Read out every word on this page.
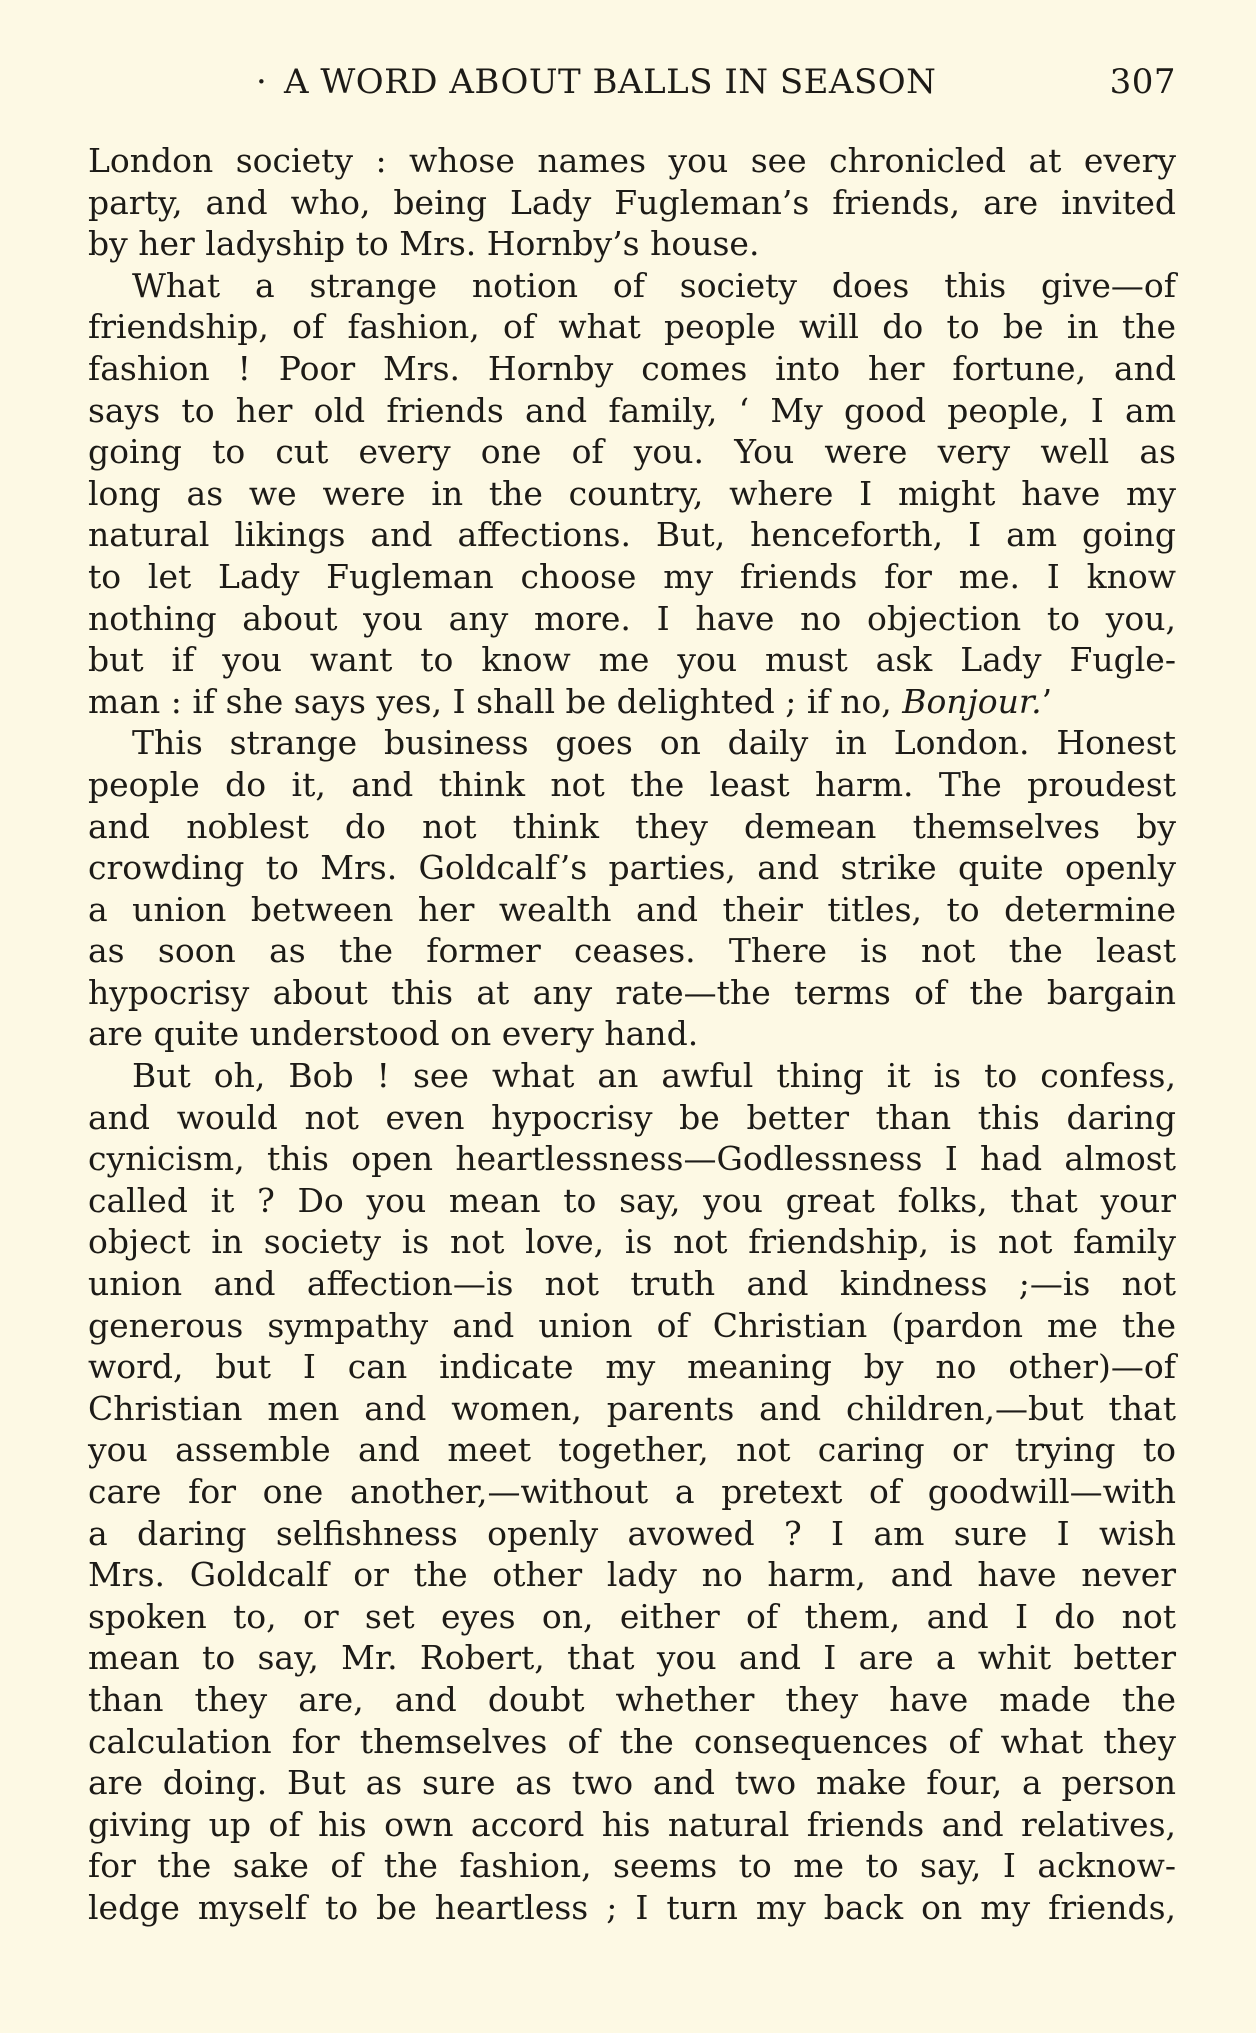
· A WORD ABOUT BALLS IN SEASON	307
London society : whose names you see chronicled at every
party, and who, being Lady Fugleman’s friends, are invited
by her ladyship to Mrs. Hornby’s house.
What a strange notion of society does this give—of
friendship, of fashion, of what people will do to be in the
fashion ! Poor Mrs. Hornby comes into her fortune, and
says to her old friends and family, ‘ My good people, I am
going to cut every one of you. You were very well as
long as we were in the country, where I might have my
natural likings and affections. But, henceforth, I am going
to let Lady Fugleman choose my friends for me. I know
nothing about you any more. I have no objection to you,
but if you want to know me you must ask Lady Fugle-
man : if she says yes, I shall be delighted ; if no, Bonjour.’
This strange business goes on daily in London. Honest
people do it, and think not the least harm. The proudest
and noblest do not think they demean themselves by
crowding to Mrs. Goldcalf’s parties, and strike quite openly
a union between her wealth and their titles, to determine
as soon as the former ceases. There is not the least
hypocrisy about this at any rate—the terms of the bargain
are quite understood on every hand.
But oh, Bob ! see what an awful thing it is to confess,
and would not even hypocrisy be better than this daring
cynicism, this open heartlessness—Godlessness I had almost
called it ? Do you mean to say, you great folks, that your
object in society is not love, is not friendship, is not family
union and affection—is not truth and kindness ;—is not
generous sympathy and union of Christian (pardon me the
word, but I can indicate my meaning by no other)—of
Christian men and women, parents and children,—but that
you assemble and meet together, not caring or trying to
care for one another,—without a pretext of goodwill—with
a daring selfishness openly avowed ? I am sure I wish
Mrs. Goldcalf or the other lady no harm, and have never
spoken to, or set eyes on, either of them, and I do not
mean to say, Mr. Robert, that you and I are a whit better
than they are, and doubt whether they have made the
calculation for themselves of the consequences of what they
are doing. But as sure as two and two make four, a person
giving up of his own accord his natural friends and relatives,
for the sake of the fashion, seems to me to say, I acknow-
ledge myself to be heartless ; I turn my back on my friends,
